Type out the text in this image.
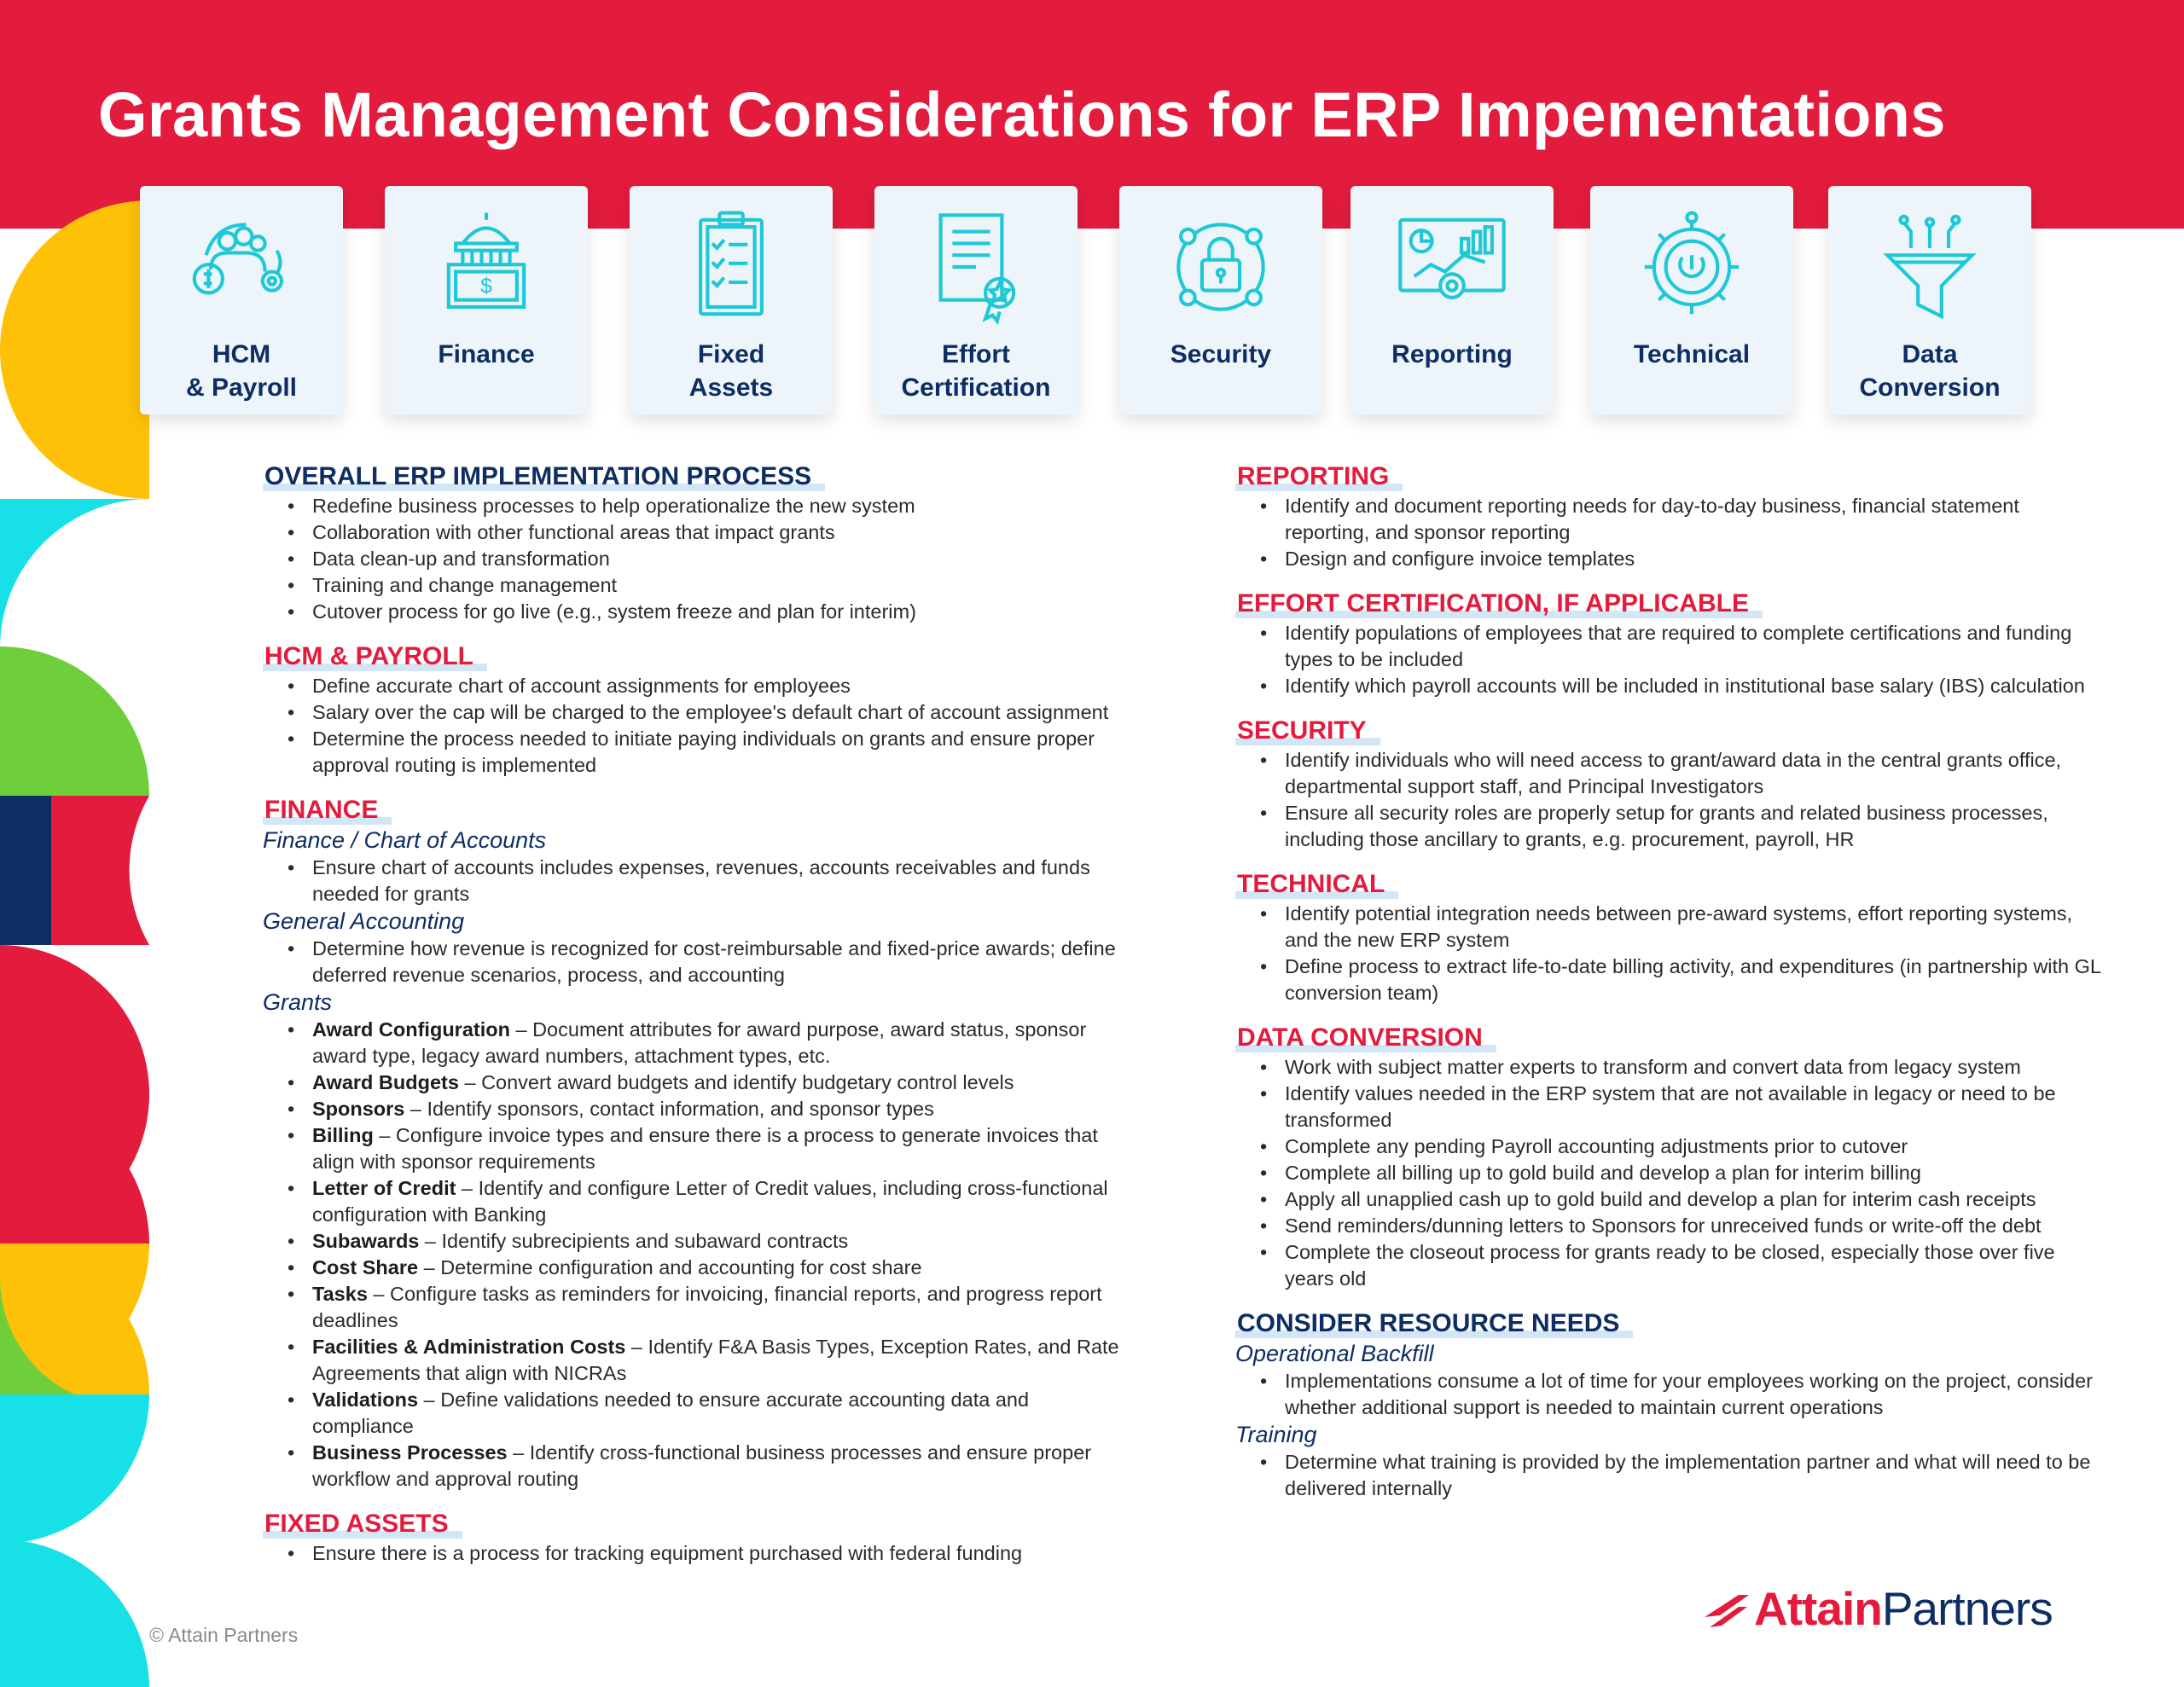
Grants Management Considerations for ERP Impementations
HCM
& Payroll
$
Finance	Fixed
Assets
Effort
Certification
Security	Reporting	Technical	Data
Conversion
OVERALL ERP IMPLEMENTATION PROCESS
• Redefine business processes to help operationalize the new system
• Collaboration with other functional areas that impact grants
• Data clean-up and transformation
• Training and change management
• Cutover process for go live (e.g., system freeze and plan for interim)
HCM & PAYROLL
• Define accurate chart of account assignments for employees
• Salary over the cap will be charged to the employee's default chart of account assignment
• Determine the process needed to initiate paying individuals on grants and ensure proper approval routing is implemented
FINANCE
Finance / Chart of Accounts
• Ensure chart of accounts includes expenses, revenues, accounts receivables and funds needed for grants
General Accounting
• Determine how revenue is recognized for cost-reimbursable and fixed-price awards; define deferred revenue scenarios, process, and accounting
Grants
• Award Configuration – Document attributes for award purpose, award status, sponsor award type, legacy award numbers, attachment types, etc.
• Award Budgets – Convert award budgets and identify budgetary control levels
• Sponsors – Identify sponsors, contact information, and sponsor types
• Billing – Configure invoice types and ensure there is a process to generate invoices that align with sponsor requirements
• Letter of Credit – Identify and configure Letter of Credit values, including cross-functional configuration with Banking
• Subawards – Identify subrecipients and subaward contracts
• Cost Share – Determine configuration and accounting for cost share
• Tasks – Configure tasks as reminders for invoicing, financial reports, and progress report deadlines
• Facilities & Administration Costs – Identify F&A Basis Types, Exception Rates, and Rate Agreements that align with NICRAs
• Validations – Define validations needed to ensure accurate accounting data and compliance
• Business Processes – Identify cross-functional business processes and ensure proper workflow and approval routing
FIXED ASSETS
• Ensure there is a process for tracking equipment purchased with federal funding
REPORTING
• Identify and document reporting needs for day-to-day business, financial statement reporting, and sponsor reporting
• Design and configure invoice templates
EFFORT CERTIFICATION, IF APPLICABLE
• Identify populations of employees that are required to complete certifications and funding types to be included
• Identify which payroll accounts will be included in institutional base salary (IBS) calculation
SECURITY
• Identify individuals who will need access to grant/award data in the central grants office, departmental support staff, and Principal Investigators
• Ensure all security roles are properly setup for grants and related business processes, including those ancillary to grants, e.g. procurement, payroll, HR
TECHNICAL
• Identify potential integration needs between pre-award systems, effort reporting systems, and the new ERP system
• Define process to extract life-to-date billing activity, and expenditures (in partnership with GL conversion team)
DATA CONVERSION
• Work with subject matter experts to transform and convert data from legacy system
• Identify values needed in the ERP system that are not available in legacy or need to be transformed
• Complete any pending Payroll accounting adjustments prior to cutover
• Complete all billing up to gold build and develop a plan for interim billing
• Apply all unapplied cash up to gold build and develop a plan for interim cash receipts
• Send reminders/dunning letters to Sponsors for unreceived funds or write-off the debt
• Complete the closeout process for grants ready to be closed, especially those over five years old
CONSIDER RESOURCE NEEDS
Operational Backfill
• Implementations consume a lot of time for your employees working on the project, consider whether additional support is needed to maintain current operations
Training
• Determine what training is provided by the implementation partner and what will need to be delivered internally
© Attain Partners	AttainPartners
